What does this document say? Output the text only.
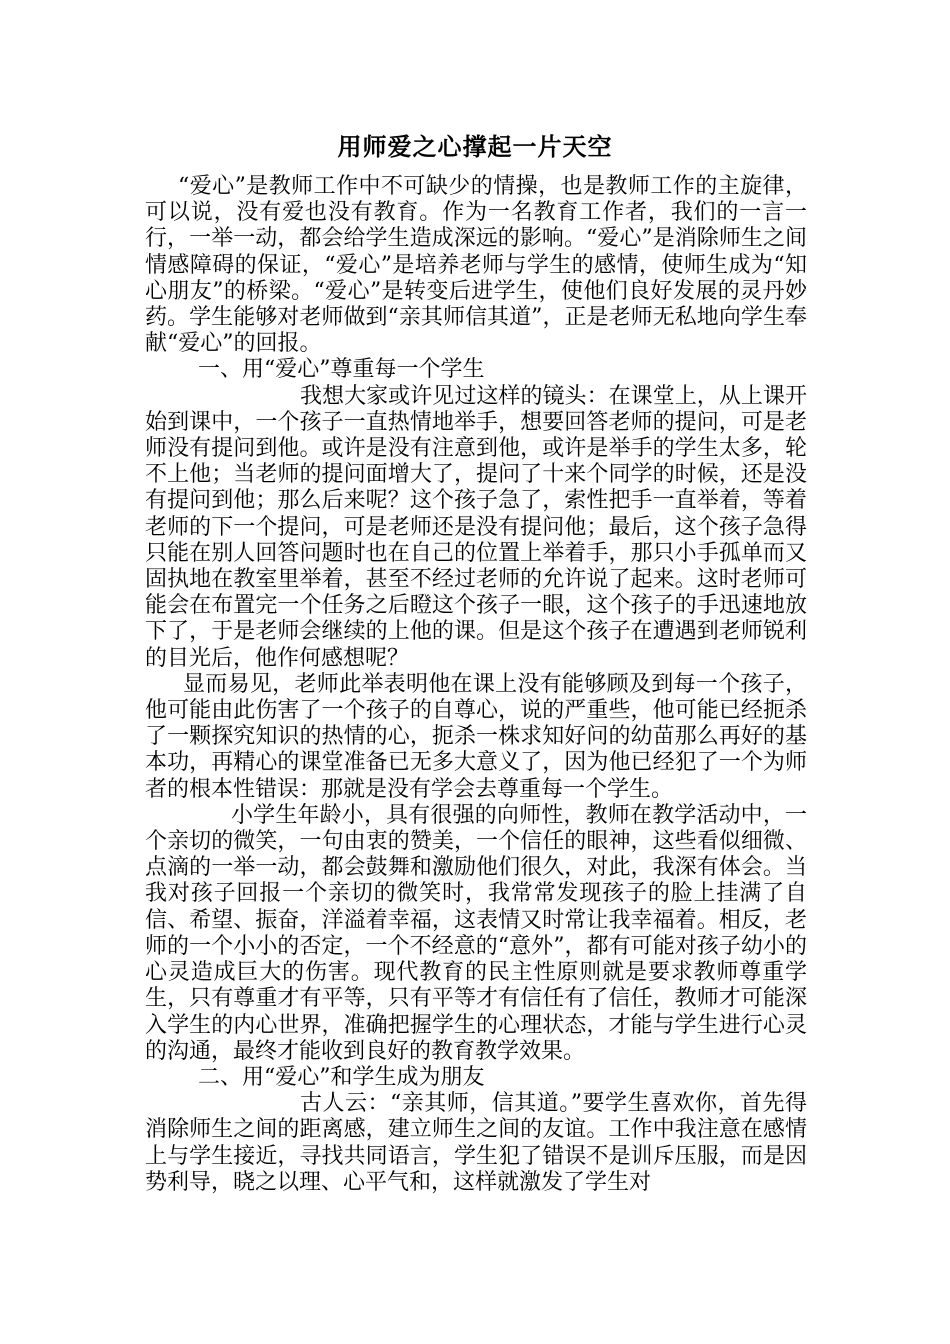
用师爱之心撑起一片天空

“爱心”是教师工作中不可缺少的情操，也是教师工作的主旋律，可以说，没有爱也没有教育。作为一名教育工作者，我们的一言一行，一举一动，都会给学生造成深远的影响。“爱心”是消除师生之间情感障碍的保证，“爱心”是培养老师与学生的感情，使师生成为“知心朋友”的桥梁。“爱心”是转变后进学生，使他们良好发展的灵丹妙药。学生能够对老师做到“亲其师信其道”，正是老师无私地向学生奉献“爱心”的回报。

一、用“爱心”尊重每一个学生

我想大家或许见过这样的镜头：在课堂上，从上课开始到课中，一个孩子一直热情地举手，想要回答老师的提问，可是老师没有提问到他。或许是没有注意到他，或许是举手的学生太多，轮不上他；当老师的提问面增大了，提问了十来个同学的时候，还是没有提问到他；那么后来呢？这个孩子急了，索性把手一直举着，等着老师的下一个提问，可是老师还是没有提问他；最后，这个孩子急得只能在别人回答问题时也在自己的位置上举着手，那只小手孤单而又固执地在教室里举着，甚至不经过老师的允许说了起来。这时老师可能会在布置完一个任务之后瞪这个孩子一眼，这个孩子的手迅速地放下了，于是老师会继续的上他的课。但是这个孩子在遭遇到老师锐利的目光后，他作何感想呢？

显而易见，老师此举表明他在课上没有能够顾及到每一个孩子，他可能由此伤害了一个孩子的自尊心，说的严重些，他可能已经扼杀了一颗探究知识的热情的心，扼杀一株求知好问的幼苗那么再好的基本功，再精心的课堂准备已无多大意义了，因为他已经犯了一个为师者的根本性错误：那就是没有学会去尊重每一个学生。

小学生年龄小，具有很强的向师性，教师在教学活动中，一个亲切的微笑，一句由衷的赞美，一个信任的眼神，这些看似细微、点滴的一举一动，都会鼓舞和激励他们很久，对此，我深有体会。当我对孩子回报一个亲切的微笑时，我常常发现孩子的脸上挂满了自信、希望、振奋，洋溢着幸福，这表情又时常让我幸福着。相反，老师的一个小小的否定，一个不经意的“意外”，都有可能对孩子幼小的心灵造成巨大的伤害。现代教育的民主性原则就是要求教师尊重学生，只有尊重才有平等，只有平等才有信任有了信任，教师才可能深入学生的内心世界，准确把握学生的心理状态，才能与学生进行心灵的沟通，最终才能收到良好的教育教学效果。

二、用“爱心”和学生成为朋友

古人云：“亲其师，信其道。”要学生喜欢你，首先得消除师生之间的距离感，建立师生之间的友谊。工作中我注意在感情上与学生接近，寻找共同语言，学生犯了错误不是训斥压服，而是因势利导，晓之以理、心平气和，这样就激发了学生对
